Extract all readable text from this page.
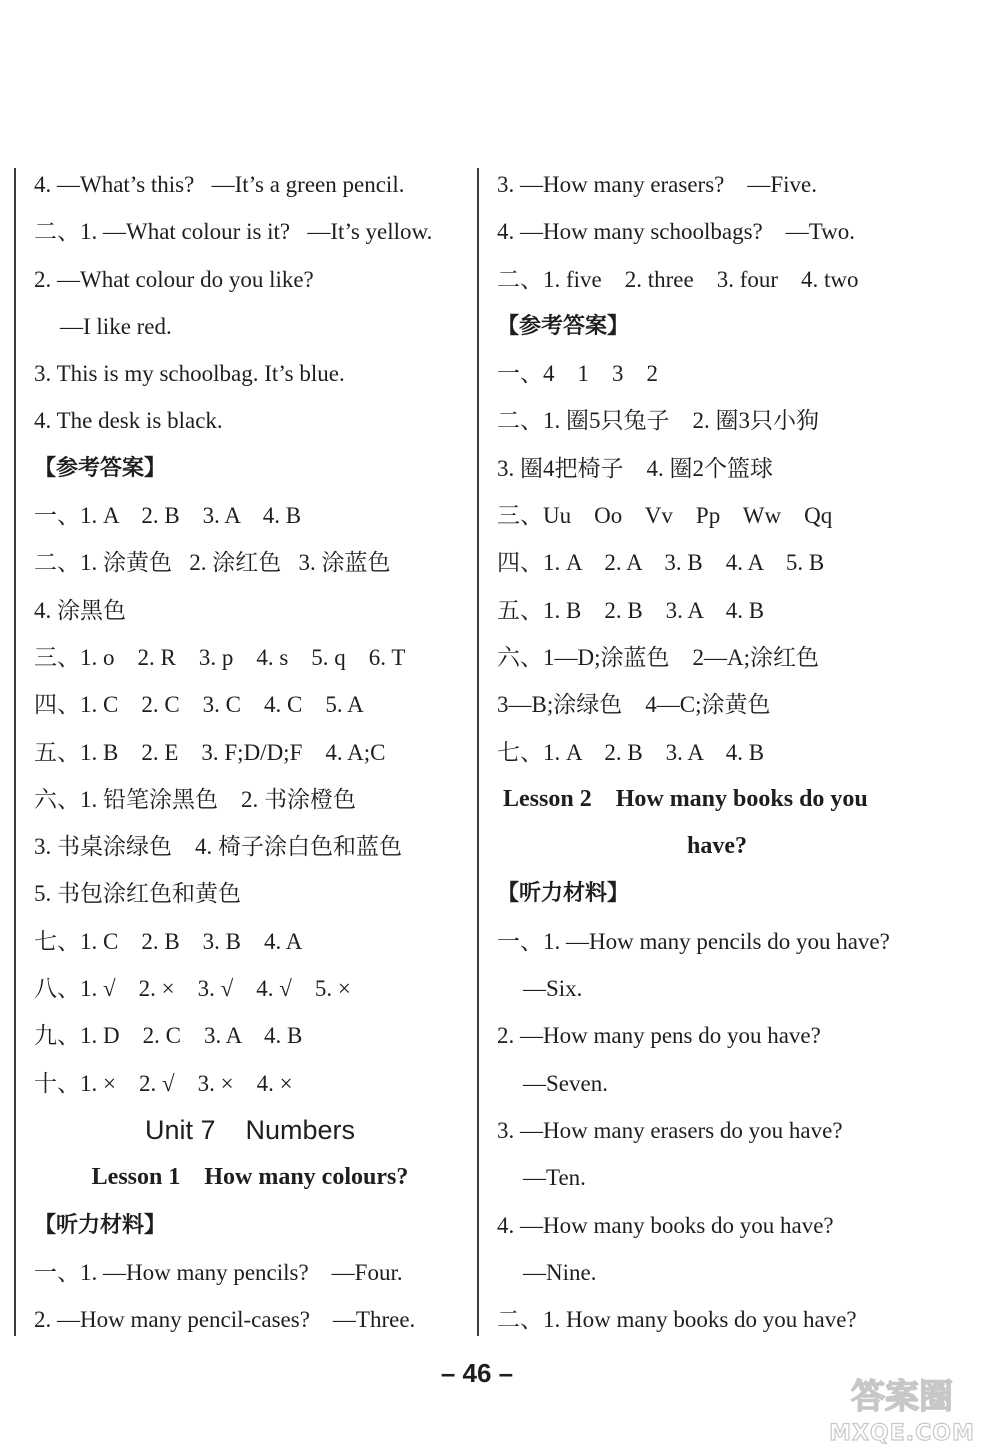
4. —What’s this?   —It’s a green pencil.
二、1. —What colour is it?   —It’s yellow.
2. —What colour do you like?
—I like red.
3. This is my schoolbag. It’s blue.
4. The desk is black.
【参考答案】
一、1. A    2. B    3. A    4. B
二、1. 涂黄色   2. 涂红色   3. 涂蓝色
4. 涂黑色
三、1. o    2. R    3. p    4. s    5. q    6. T
四、1. C    2. C    3. C    4. C    5. A
五、1. B    2. E    3. F;D/D;F    4. A;C
六、1. 铅笔涂黑色    2. 书涂橙色
3. 书桌涂绿色    4. 椅子涂白色和蓝色
5. 书包涂红色和黄色
七、1. C    2. B    3. B    4. A
八、1. √    2. ×    3. √    4. √    5. ×
九、1. D    2. C    3. A    4. B
十、1. ×    2. √    3. ×    4. ×
Unit 7    Numbers
Lesson 1    How many colours?
【听力材料】
一、1. —How many pencils?    —Four.
2. —How many pencil-cases?    —Three.
3. —How many erasers?    —Five.
4. —How many schoolbags?    —Two.
二、1. five    2. three    3. four    4. two
【参考答案】
一、4    1    3    2
二、1. 圈5只兔子    2. 圈3只小狗
3. 圈4把椅子    4. 圈2个篮球
三、Uu    Oo    Vv    Pp    Ww    Qq
四、1. A    2. A    3. B    4. A    5. B
五、1. B    2. B    3. A    4. B
六、1—D;涂蓝色    2—A;涂红色
3—B;涂绿色    4—C;涂黄色
七、1. A    2. B    3. A    4. B
Lesson 2    How many books do you
have?
【听力材料】
一、1. —How many pencils do you have?
—Six.
2. —How many pens do you have?
—Seven.
3. —How many erasers do you have?
—Ten.
4. —How many books do you have?
—Nine.
二、1. How many books do you have?
– 46 –
答案圈
MXQE.COM
